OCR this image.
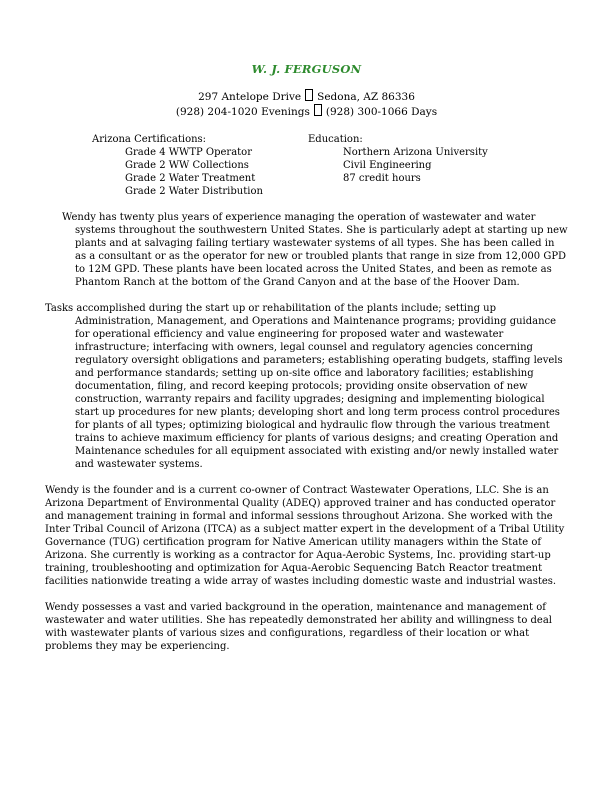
W. J. FERGUSON
297 Antelope Drive Sedona, AZ 86336
(928) 204-1020 Evenings (928) 300-1066 Days

Arizona Certifications:

Grade 4 WWTP Operator
Grade 2 WW Collections
Grade 2 Water Treatment
Grade 2 Water Distribution

Education:

Northern Arizona University
Civil Engineering
87 credit hours

Wendy has twenty plus years of experience managing the operation of wastewater and water systems throughout the southwestern United States. She is particularly adept at starting up new plants and at salvaging failing tertiary wastewater systems of all types. She has been called in as a consultant or as the operator for new or troubled plants that range in size from 12,000 GPD to 12M GPD. These plants have been located across the United States, and been as remote as Phantom Ranch at the bottom of the Grand Canyon and at the base of the Hoover Dam.

Tasks accomplished during the start up or rehabilitation of the plants include; setting up Administration, Management, and Operations and Maintenance programs; providing guidance for operational efficiency and value engineering for proposed water and wastewater infrastructure; interfacing with owners, legal counsel and regulatory agencies concerning regulatory oversight obligations and parameters; establishing operating budgets, staffing levels and performance standards; setting up on-site office and laboratory facilities; establishing documentation, filing, and record keeping protocols; providing onsite observation of new construction, warranty repairs and facility upgrades; designing and implementing biological start up procedures for new plants; developing short and long term process control procedures for plants of all types; optimizing biological and hydraulic flow through the various treatment trains to achieve maximum efficiency for plants of various designs; and creating Operation and Maintenance schedules for all equipment associated with existing and/or newly installed water and wastewater systems.

Wendy is the founder and is a current co-owner of Contract Wastewater Operations, LLC. She is an Arizona Department of Environmental Quality (ADEQ) approved trainer and has conducted operator and management training in formal and informal sessions throughout Arizona. She worked with the Inter Tribal Council of Arizona (ITCA) as a subject matter expert in the development of a Tribal Utility Governance (TUG) certification program for Native American utility managers within the State of Arizona. She currently is working as a contractor for Aqua-Aerobic Systems, Inc. providing start-up training, troubleshooting and optimization for Aqua-Aerobic Sequencing Batch Reactor treatment facilities nationwide treating a wide array of wastes including domestic waste and industrial wastes.

Wendy possesses a vast and varied background in the operation, maintenance and management of wastewater and water utilities. She has repeatedly demonstrated her ability and willingness to deal with wastewater plants of various sizes and configurations, regardless of their location or what problems they may be experiencing.
